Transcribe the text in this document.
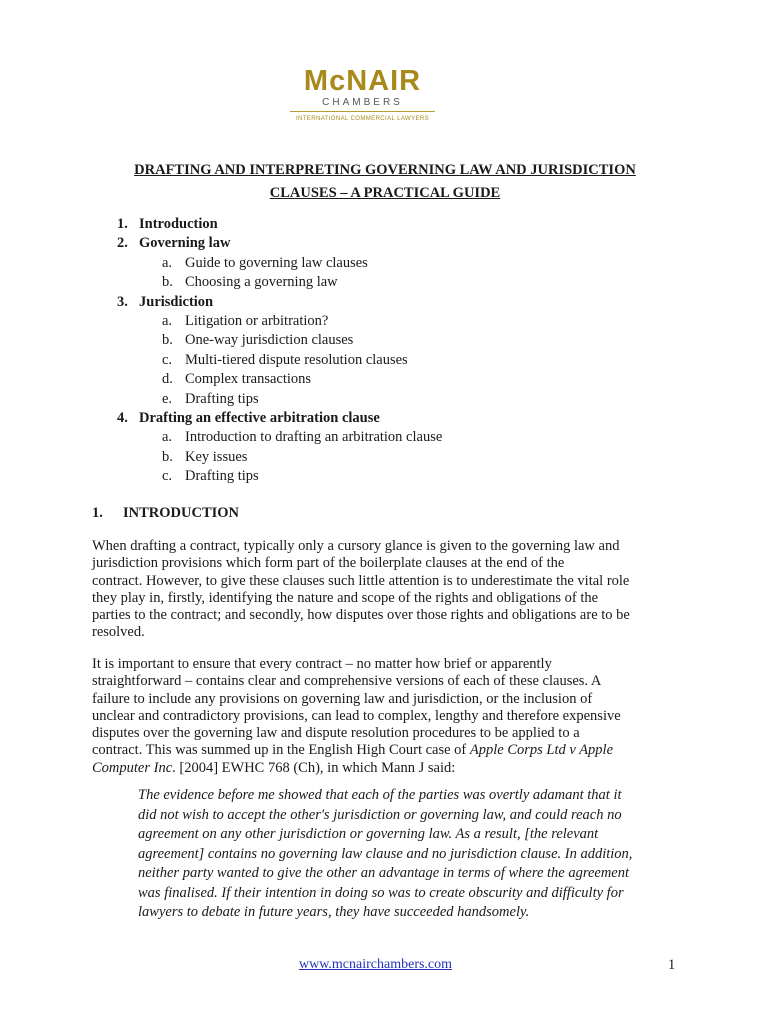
McNAIR
CHAMBERS
INTERNATIONAL COMMERCIAL LAWYERS
DRAFTING AND INTERPRETING GOVERNING LAW AND JURISDICTION
CLAUSES – A PRACTICAL GUIDE
1. Introduction
2. Governing law
a. Guide to governing law clauses
b. Choosing a governing law
3. Jurisdiction
a. Litigation or arbitration?
b. One-way jurisdiction clauses
c. Multi-tiered dispute resolution clauses
d. Complex transactions
e. Drafting tips
4. Drafting an effective arbitration clause
a. Introduction to drafting an arbitration clause
b. Key issues
c. Drafting tips
1. INTRODUCTION
When drafting a contract, typically only a cursory glance is given to the governing law and
jurisdiction provisions which form part of the boilerplate clauses at the end of the
contract. However, to give these clauses such little attention is to underestimate the vital role
they play in, firstly, identifying the nature and scope of the rights and obligations of the
parties to the contract; and secondly, how disputes over those rights and obligations are to be
resolved.
It is important to ensure that every contract – no matter how brief or apparently
straightforward – contains clear and comprehensive versions of each of these clauses. A
failure to include any provisions on governing law and jurisdiction, or the inclusion of
unclear and contradictory provisions, can lead to complex, lengthy and therefore expensive
disputes over the governing law and dispute resolution procedures to be applied to a
contract. This was summed up in the English High Court case of Apple Corps Ltd v Apple
Computer Inc. [2004] EWHC 768 (Ch), in which Mann J said:
The evidence before me showed that each of the parties was overtly adamant that it
did not wish to accept the other's jurisdiction or governing law, and could reach no
agreement on any other jurisdiction or governing law. As a result, [the relevant
agreement] contains no governing law clause and no jurisdiction clause. In addition,
neither party wanted to give the other an advantage in terms of where the agreement
was finalised. If their intention in doing so was to create obscurity and difficulty for
lawyers to debate in future years, they have succeeded handsomely.
www.mcnairchambers.com	1
